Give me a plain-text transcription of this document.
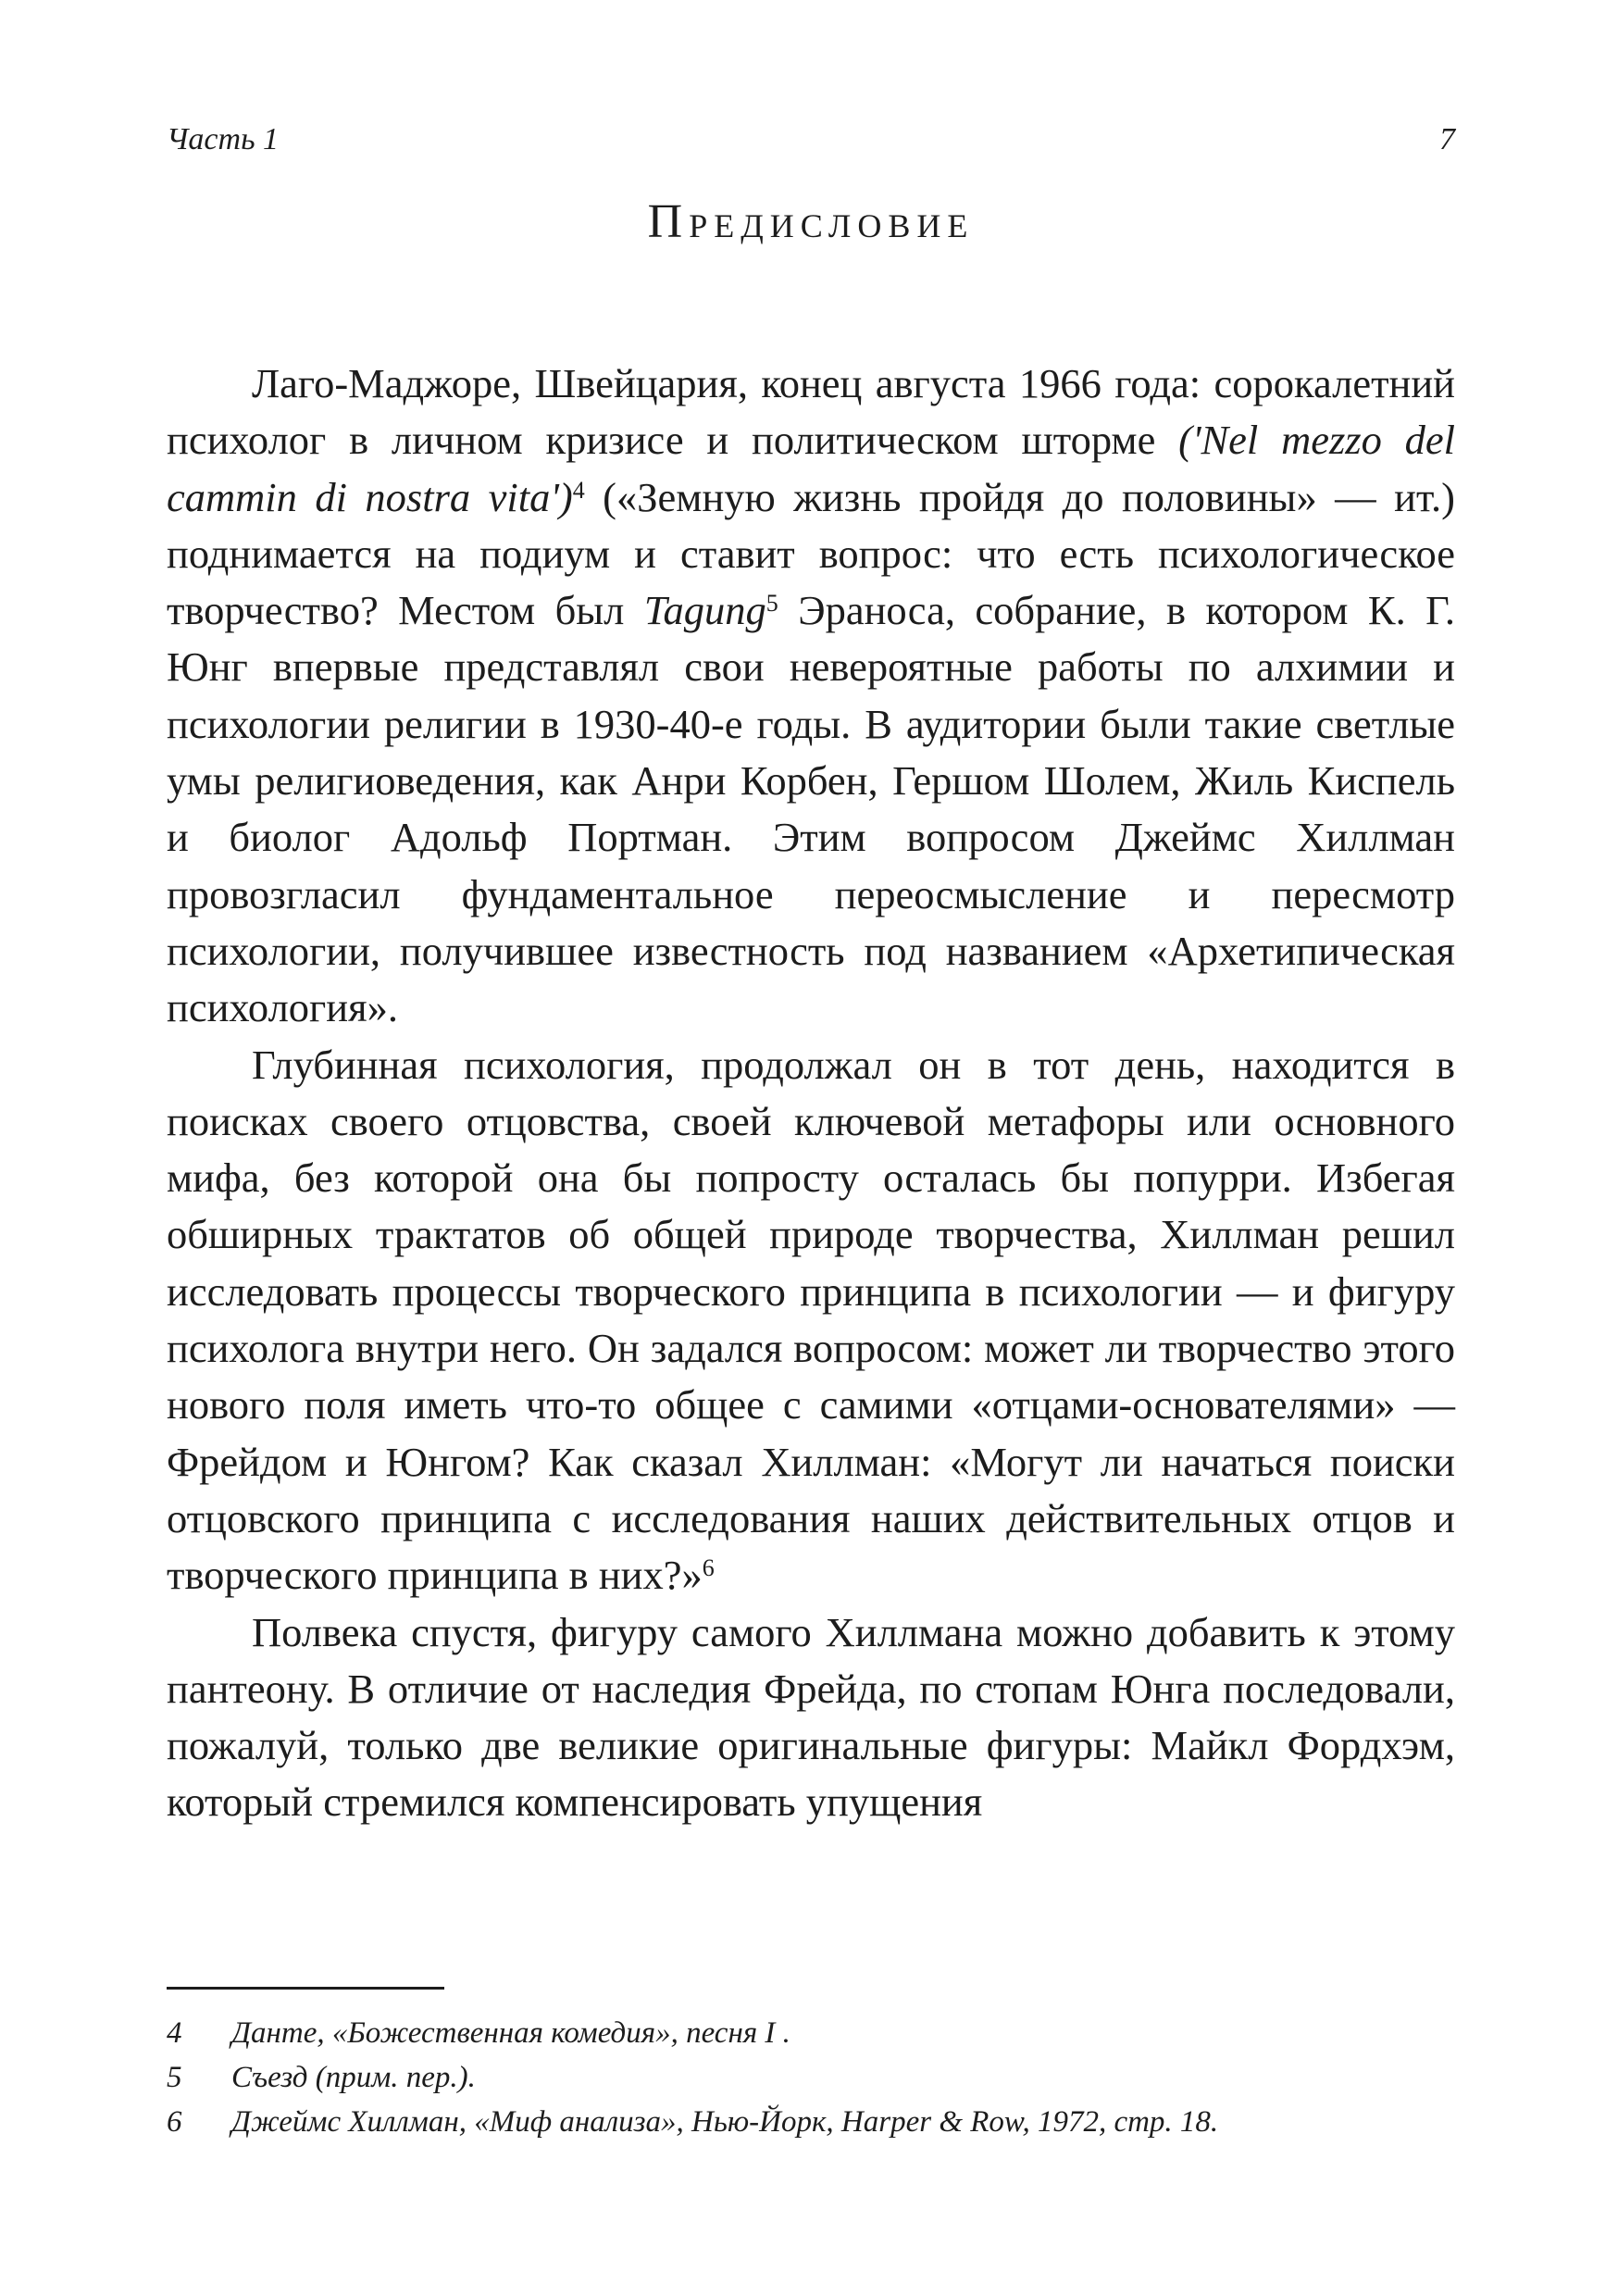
Часть 1	7
Предисловие

Лаго-Маджоре, Швейцария, конец августа 1966 года: сорокалетний психолог в личном кризисе и политическом шторме ('Nel mezzo del cammin di nostra vita')$^4$ («Земную жизнь пройдя до половины» — ит.) поднимается на подиум и ставит вопрос: что есть психологическое творчество? Местом был Tagung$^5$ Эраноса, собрание, в котором К. Г. Юнг впервые представлял свои невероятные работы по алхимии и психологии религии в 1930-40-е годы. В аудитории были такие светлые умы религиоведения, как Анри Корбен, Гершом Шолем, Жиль Киспель и биолог Адольф Портман. Этим вопросом Джеймс Хиллман провозгласил фундаментальное переосмысление и пересмотр психологии, получившее известность под названием «Архетипическая психология».

Глубинная психология, продолжал он в тот день, находится в поисках своего отцовства, своей ключевой метафоры или основного мифа, без которой она бы попросту осталась бы попурри. Избегая обширных трактатов об общей природе творчества, Хиллман решил исследовать процессы творческого принципа в психологии — и фигуру психолога внутри него. Он задался вопросом: может ли творчество этого нового поля иметь что-то общее с самими «отцами-основателями» — Фрейдом и Юнгом? Как сказал Хиллман: «Могут ли начаться поиски отцовского принципа с исследования наших действительных отцов и творческого принципа в них?»$^6$

Полвека спустя, фигуру самого Хиллмана можно добавить к этому пантеону. В отличие от наследия Фрейда, по стопам Юнга последовали, пожалуй, только две великие оригинальные фигуры: Майкл Фордхэм, который стремился компенсировать упущения

4 Данте, «Божественная комедия», песня I .
5 Съезд (прим. пер.).
6 Джеймс Хиллман, «Миф анализа», Нью-Йорк, Harper & Row, 1972, стр. 18.
